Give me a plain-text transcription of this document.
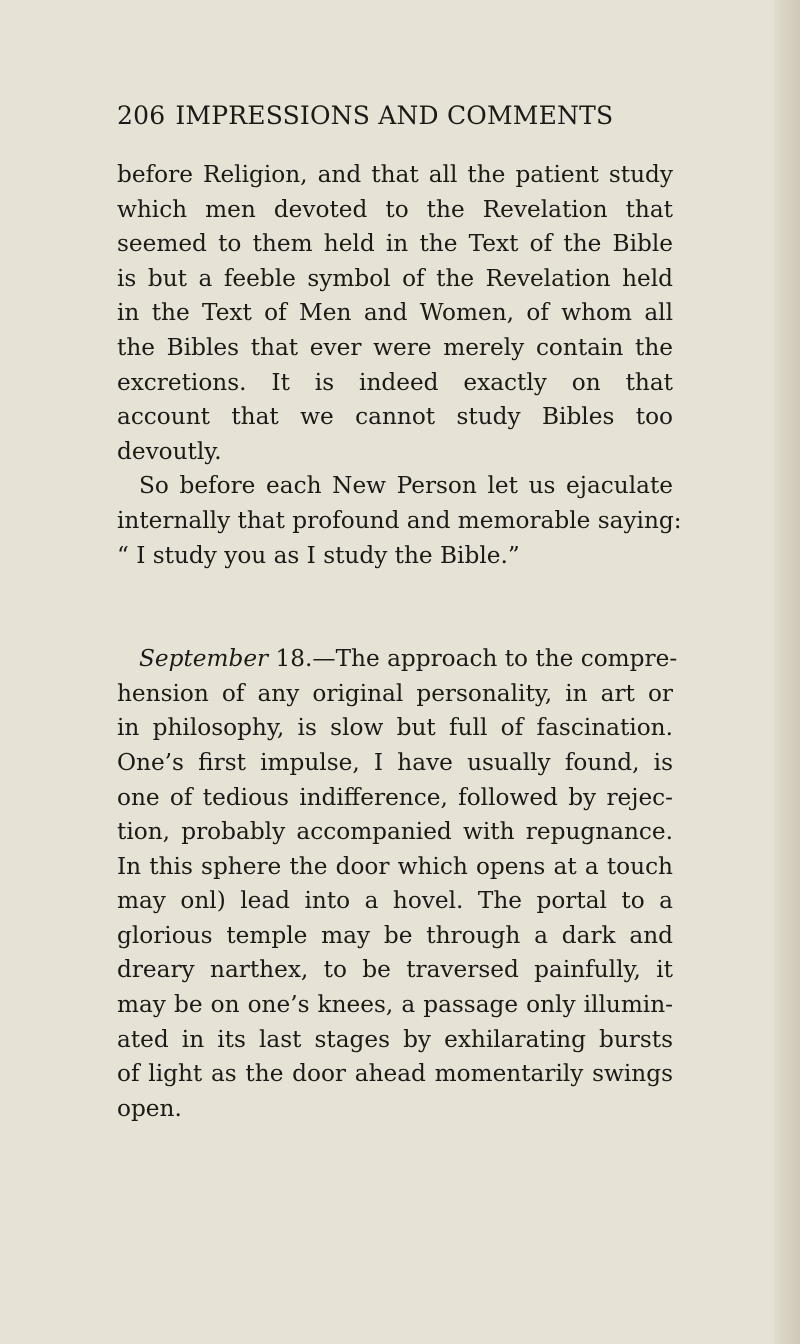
206 IMPRESSIONS AND COMMENTS
before Religion, and that all the patient study
which men devoted to the Revelation that
seemed to them held in the Text of the Bible
is but a feeble symbol of the Revelation held
in the Text of Men and Women, of whom all
the Bibles that ever were merely contain the
excretions. It is indeed exactly on that
account that we cannot study Bibles too
devoutly.
So before each New Person let us ejaculate
internally that profound and memorable saying:
“ I study you as I study the Bible.”
September 18.—The approach to the compre-
hension of any original personality, in art or
in philosophy, is slow but full of fascination.
One’s first impulse, I have usually found, is
one of tedious indifference, followed by rejec-
tion, probably accompanied with repugnance.
In this sphere the door which opens at a touch
may onl) lead into a hovel. The portal to a
glorious temple may be through a dark and
dreary narthex, to be traversed painfully, it
may be on one’s knees, a passage only illumin-
ated in its last stages by exhilarating bursts
of light as the door ahead momentarily swings
open.
